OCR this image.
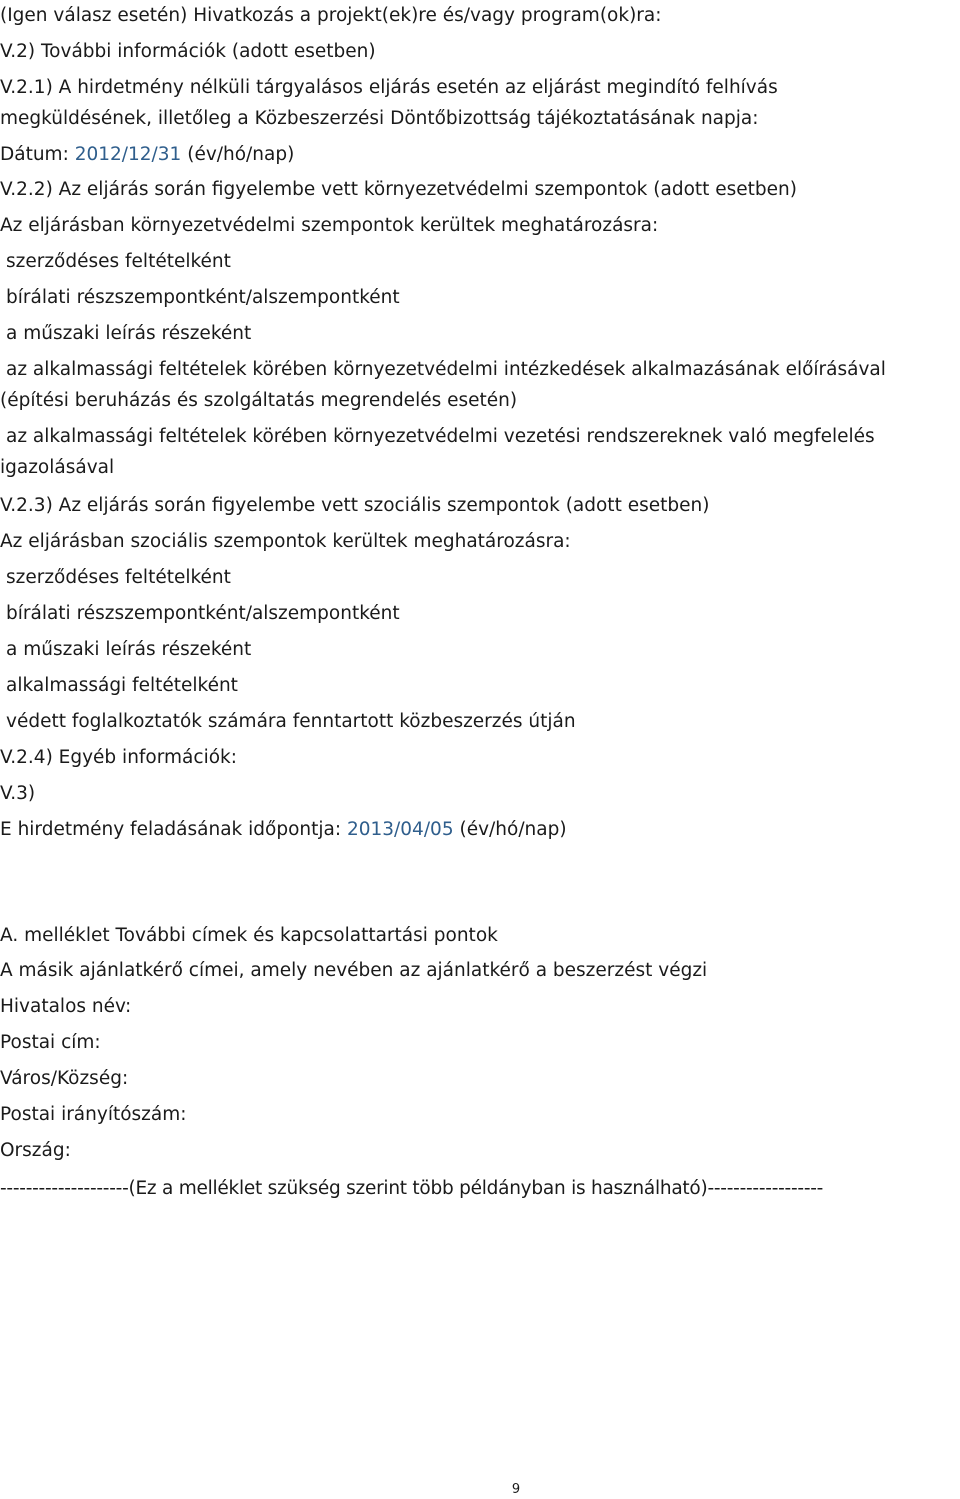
(Igen válasz esetén) Hivatkozás a projekt(ek)re és/vagy program(ok)ra:
V.2) További információk (adott esetben)
V.2.1) A hirdetmény nélküli tárgyalásos eljárás esetén az eljárást megindító felhívás
megküldésének, illetőleg a Közbeszerzési Döntőbizottság tájékoztatásának napja:
Dátum: 2012/12/31 (év/hó/nap)
V.2.2) Az eljárás során figyelembe vett környezetvédelmi szempontok (adott esetben)
Az eljárásban környezetvédelmi szempontok kerültek meghatározásra:
szerződéses feltételként
bírálati részszempontként/alszempontként
a műszaki leírás részeként
az alkalmassági feltételek körében környezetvédelmi intézkedések alkalmazásának előírásával
(építési beruházás és szolgáltatás megrendelés esetén)
az alkalmassági feltételek körében környezetvédelmi vezetési rendszereknek való megfelelés
igazolásával
V.2.3) Az eljárás során figyelembe vett szociális szempontok (adott esetben)
Az eljárásban szociális szempontok kerültek meghatározásra:
szerződéses feltételként
bírálati részszempontként/alszempontként
a műszaki leírás részeként
alkalmassági feltételként
védett foglalkoztatók számára fenntartott közbeszerzés útján
V.2.4) Egyéb információk:
V.3)
E hirdetmény feladásának időpontja: 2013/04/05 (év/hó/nap)
A. melléklet További címek és kapcsolattartási pontok
A másik ajánlatkérő címei, amely nevében az ajánlatkérő a beszerzést végzi
Hivatalos név:
Postai cím:
Város/Község:
Postai irányítószám:
Ország:
--------------------(Ez a melléklet szükség szerint több példányban is használható)------------------
9
